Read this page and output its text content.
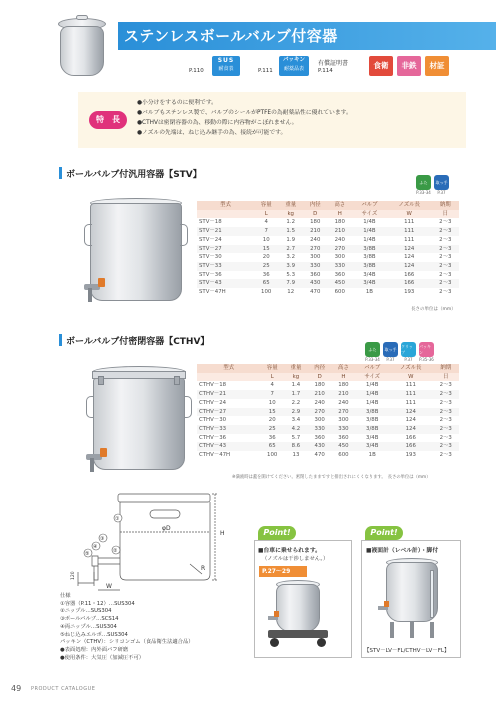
ステンレスボールバルブ付容器
P.110
SUS
耐食表	P.111
パッキン
耐薬品表
有償証明書
P.114
食衛	非鉄	材証
特　長
●小分けをするのに便利です。
●バルブもステンレス製で、バルブのシールがPTFEの為耐薬品性に優れています。
●CTHVは密閉容器の為、移動の際に内容物がこぼれません。
●ノズルの先端は、ねじ込み継手の為、接続が可能です。
ボールバルブ付汎用容器【STV】
ふた
P.33-34
取っ手
P.37
型式	容量	重量	内径	高さ	バルブ	ノズル長	納期
	L	kg	D	H	サイズ	W	日
STV－18	4	1.2	180	180	1/4B	111	2～3
STV－21	7	1.5	210	210	1/4B	111	2～3
STV－24	10	1.9	240	240	1/4B	111	2～3
STV－27	15	2.7	270	270	3/8B	124	2～3
STV－30	20	3.2	300	300	3/8B	124	2～3
STV－33	25	3.9	330	330	3/8B	124	2～3
STV－36	36	5.3	360	360	3/4B	166	2～3
STV－43	65	7.9	430	450	3/4B	166	2～3
STV－47H	100	12	470	600	1B	193	2～3
長さの単位は（mm）
ボールバルブ付密閉容器【CTHV】
ふた
P.33-34
取っ手
P.37
クリップ
P.37
パッキン
P.35-36
型式	容量	重量	内径	高さ	バルブ	ノズル長	納期
	L	kg	D	H	サイズ	W	日
CTHV－18	4	1.4	180	180	1/4B	111	2～3
CTHV－21	7	1.7	210	210	1/4B	111	2～3
CTHV－24	10	2.2	240	240	1/4B	111	2～3
CTHV－27	15	2.9	270	270	3/8B	124	2～3
CTHV－30	20	3.4	300	300	3/8B	124	2～3
CTHV－33	25	4.2	330	330	3/8B	124	2～3
CTHV－36	36	5.7	360	360	3/4B	166	2～3
CTHV－43	65	8.6	430	450	3/4B	166	2～3
CTHV－47H	100	13	470	600	1B	193	2～3
※満液時は蓋を開けてください。密閉したままですと排出されにくくなります。　長さの単位は（mm）
①
②
③
④
⑤
φD
H
W
R
120
仕様
①容器（P.11・12）…SUS304
②ニップル…SUS304
③ボールバルブ…SCS14
④両ニップル…SUS304
⑤ねじ込みエルボ…SUS304
パッキン（CTHV）：シリコンゴム（食品衛生法適合品）
●表面処理：内外面バフ研磨
●使用条件：大気圧（加減圧不可）
Point!
■台車に乗せられます。
（ノズルは干渉しません。）
P.27～29
Point!
■液面計（レベル計）・脚付
【STV－LV－FL/CTHV－LV－FL】
49 PRODUCT CATALOGUE
